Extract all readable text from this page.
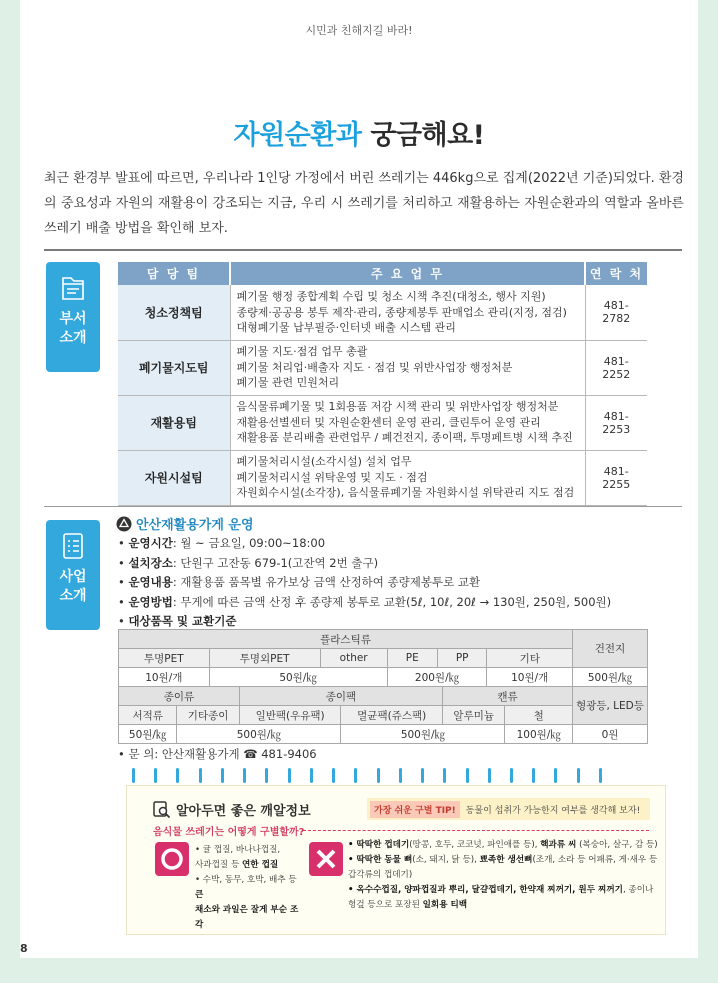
시민과 친해지길 바라!
자원순환과 궁금해요!
최근 환경부 발표에 따르면, 우리나라 1인당 가정에서 버린 쓰레기는 446kg으로 집계(2022년 기준)되었다. 환경의 중요성과 자원의 재활용이 강조되는 지금, 우리 시 쓰레기를 처리하고 재활용하는 자원순환과의 역할과 올바른 쓰레기 배출 방법을 확인해 보자.
부서
소개
담 당 팀	주 요 업 무	연 락 처
청소정책팀	폐기물 행정 종합계획 수립 및 청소 시책 추진(대청소, 행사 지원)
종량제·공공용 봉투 제작·관리, 종량제봉투 판매업소 관리(지정, 점검)
대형폐기물 납부필증·인터넷 배출 시스템 관리	481-2782
폐기물지도팀	폐기물 지도·점검 업무 총괄
폐기물 처리업·배출자 지도 · 점검 및 위반사업장 행정처분
폐기물 관련 민원처리	481-2252
재활용팀	음식물류폐기물 및 1회용품 저감 시책 관리 및 위반사업장 행정처분
재활용선별센터 및 자원순환센터 운영 관리, 클린투어 운영 관리
재활용품 분리배출 관련업무 / 폐건전지, 종이팩, 투명페트병 시책 추진	481-2253
자원시설팀	폐기물처리시설(소각시설) 설치 업무
폐기물처리시설 위탁운영 및 지도 · 점검
자원회수시설(소각장), 음식물류폐기물 자원화시설 위탁관리 지도 점검	481-2255
사업
소개
안산재활용가게 운영
• 운영시간: 월 ~ 금요일, 09:00~18:00
• 설치장소: 단원구 고잔동 679-1(고잔역 2번 출구)
• 운영내용: 재활용품 품목별 유가보상 금액 산정하여 종량제봉투로 교환
• 운영방법: 무게에 따른 금액 산정 후 종량제 봉투로 교환(5ℓ, 10ℓ, 20ℓ → 130원, 250원, 500원)
• 대상품목 및 교환기준
플라스틱류						건전지
투명PET	투명외PET	other	PE	PP	기타	
10원/개	50원/㎏		200원/㎏		10원/개	500원/㎏
종이류		종이팩		캔류		형광등, LED등
서적류	기타종이	일반팩(우유팩)	멸균팩(쥬스팩)	알루미늄	철	
50원/㎏	500원/㎏		500원/㎏		100원/㎏	0원
• 문 의: 안산재활용가게 ☎ 481-9406
알아두면 좋은 깨알정보	가장 쉬운 구별 TIP!	동물이 섭취가 가능한지 여부를 생각해 보자!
음식물 쓰레기는 어떻게 구별할까?
• 귤 껍질, 바나나껍질,
사과껍질 등 연한 껍질
• 수박, 동무, 호박, 배추 등 큰
채소와 과일은 잘게 부순 조각
• 딱딱한 껍데기(땅콩, 호두, 코코넛, 파인애플 등), 핵과류 씨 (복숭아, 살구, 감 등)
• 딱딱한 동물 뼈(소, 돼지, 닭 등), 뾰족한 생선뼈(조개, 소라 등 어패류, 게·새우 등
갑각류의 껍데기)
• 옥수수껍질, 양파껍질과 뿌리, 달걀껍데기, 한약재 찌꺼기, 원두 찌꺼기, 종이나
헝겊 등으로 포장된 일회용 티백
8
